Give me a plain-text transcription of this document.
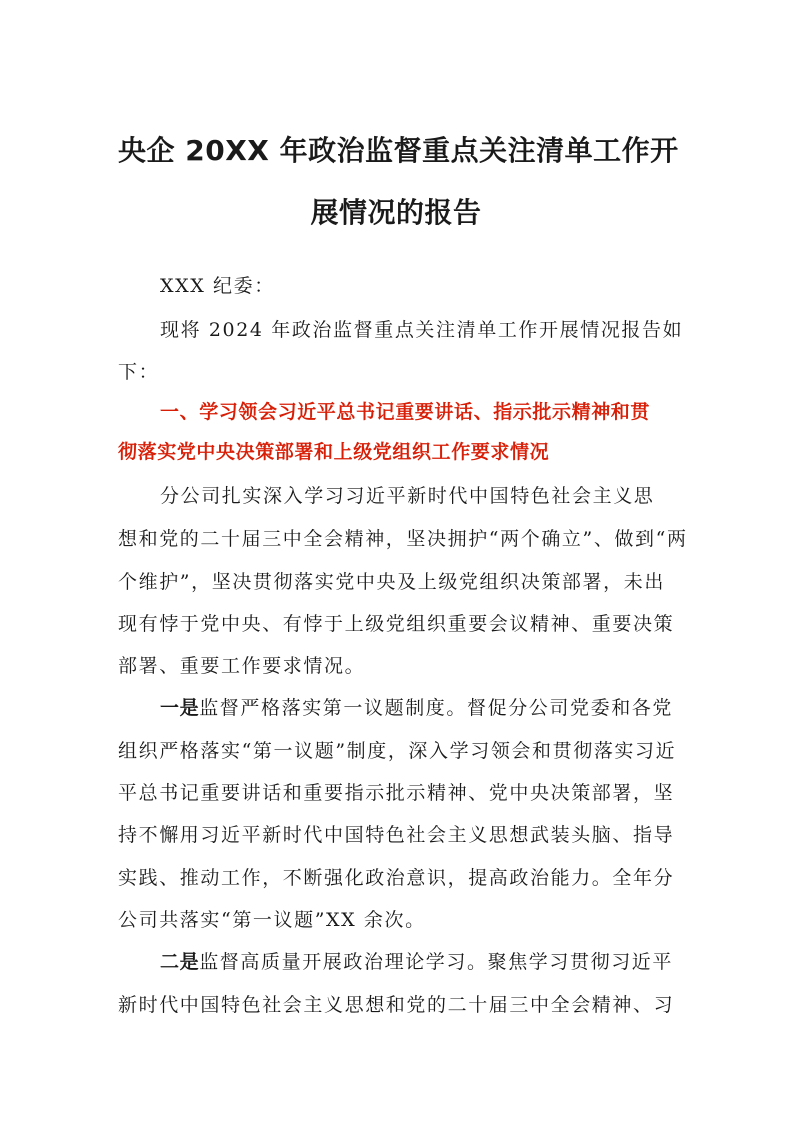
央企 20XX 年政治监督重点关注清单工作开
展情况的报告
XXX 纪委：
现将 2024 年政治监督重点关注清单工作开展情况报告如
下：
一、学习领会习近平总书记重要讲话、指示批示精神和贯
彻落实党中央决策部署和上级党组织工作要求情况
分公司扎实深入学习习近平新时代中国特色社会主义思
想和党的二十届三中全会精神，坚决拥护“两个确立”、做到“两
个维护”，坚决贯彻落实党中央及上级党组织决策部署，未出
现有悖于党中央、有悖于上级党组织重要会议精神、重要决策
部署、重要工作要求情况。
一是监督严格落实第一议题制度。督促分公司党委和各党
组织严格落实“第一议题”制度，深入学习领会和贯彻落实习近
平总书记重要讲话和重要指示批示精神、党中央决策部署，坚
持不懈用习近平新时代中国特色社会主义思想武装头脑、指导
实践、推动工作，不断强化政治意识，提高政治能力。全年分
公司共落实“第一议题”XX 余次。
二是监督高质量开展政治理论学习。聚焦学习贯彻习近平
新时代中国特色社会主义思想和党的二十届三中全会精神、习
